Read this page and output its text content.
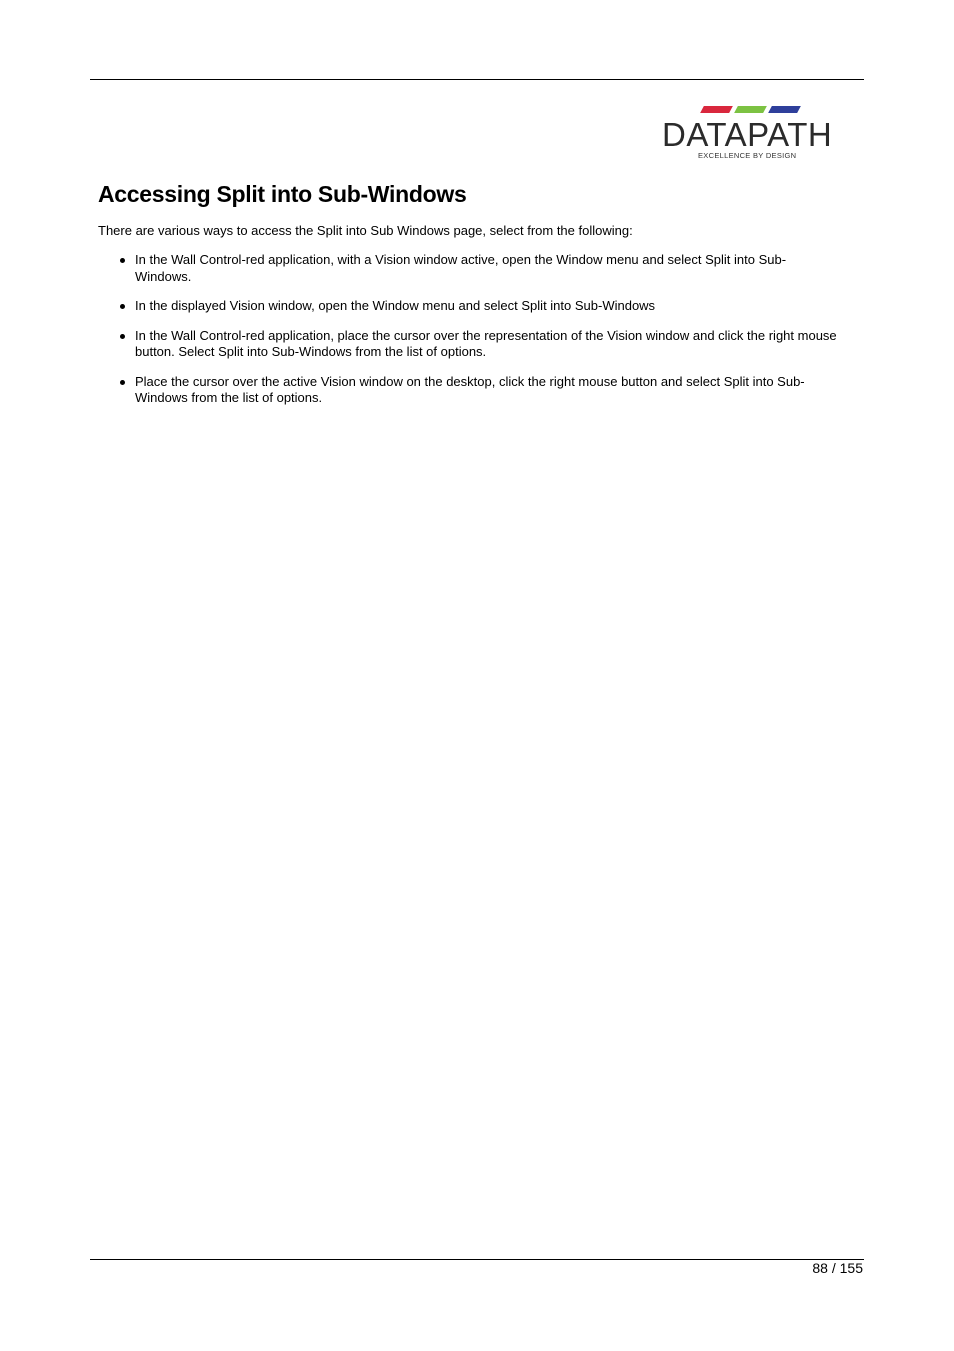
DATAPATH
EXCELLENCE BY DESIGN
Accessing Split into Sub-Windows

There are various ways to access the Split into Sub Windows page, select from the following:

In the Wall Control-red application, with a Vision window active, open the Window menu and select Split into Sub-Windows.
In the displayed Vision window, open the Window menu and select Split into Sub-Windows
In the Wall Control-red application, place the cursor over the representation of the Vision window and click the right mouse button. Select Split into Sub-Windows from the list of options.
Place the cursor over the active Vision window on the desktop, click the right mouse button and select Split into Sub-Windows from the list of options.
88 / 155
